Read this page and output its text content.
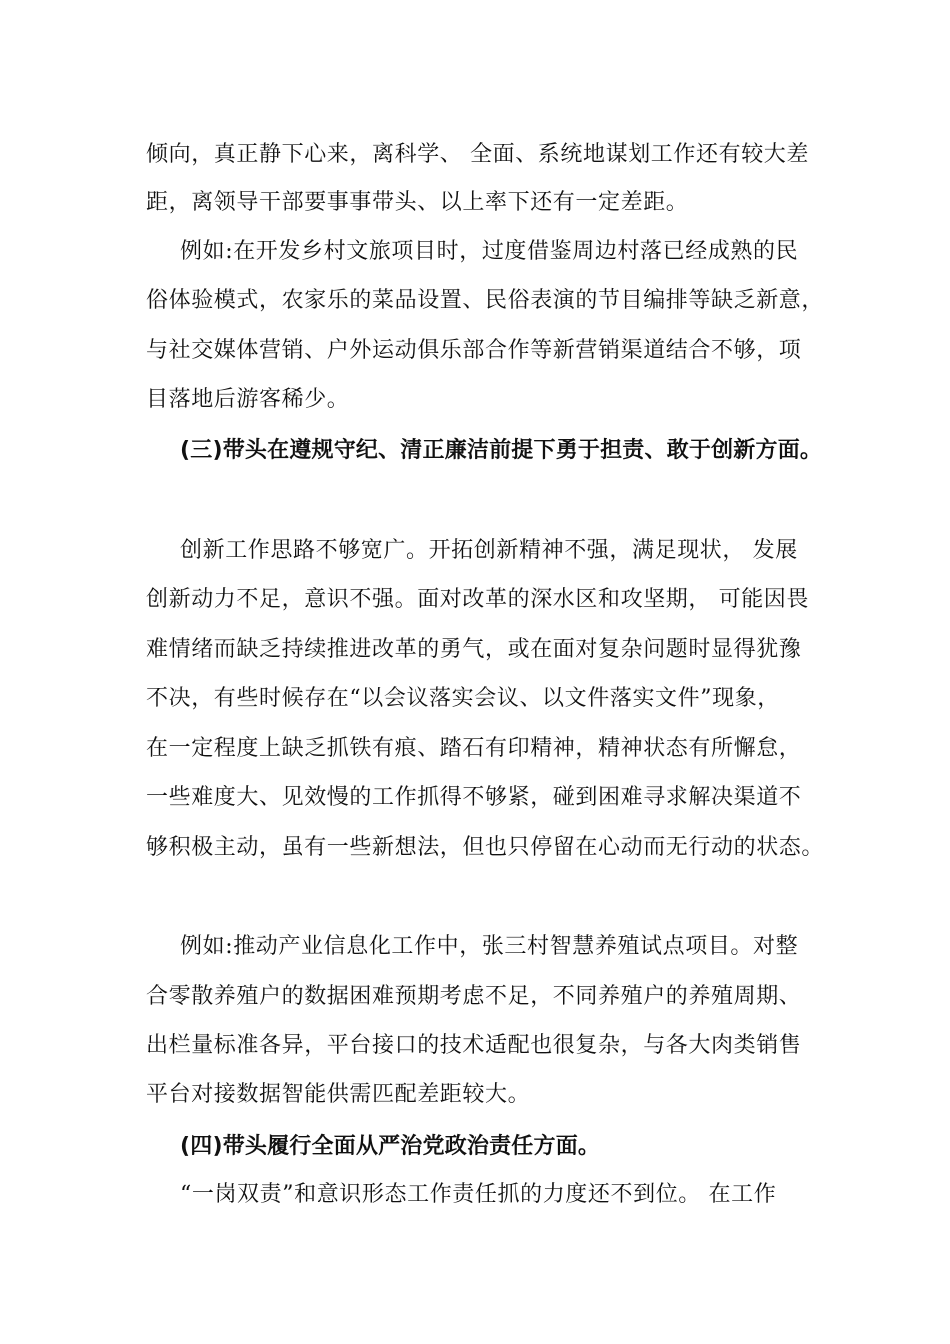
倾向，真正静下心来，离科学、 全面、系统地谋划工作还有较大差
距，离领导干部要事事带头、以上率下还有一定差距。
例如:在开发乡村文旅项目时，过度借鉴周边村落已经成熟的民
俗体验模式，农家乐的菜品设置、民俗表演的节目编排等缺乏新意，
与社交媒体营销、户外运动俱乐部合作等新营销渠道结合不够，项
目落地后游客稀少。
(三)带头在遵规守纪、清正廉洁前提下勇于担责、敢于创新方面。
创新工作思路不够宽广。开拓创新精神不强，满足现状， 发展
创新动力不足，意识不强。面对改革的深水区和攻坚期， 可能因畏
难情绪而缺乏持续推进改革的勇气，或在面对复杂问题时显得犹豫
不决，有些时候存在“以会议落实会议、以文件落实文件”现象，
在一定程度上缺乏抓铁有痕、踏石有印精神，精神状态有所懈怠，
一些难度大、见效慢的工作抓得不够紧，碰到困难寻求解决渠道不
够积极主动，虽有一些新想法，但也只停留在心动而无行动的状态。
例如:推动产业信息化工作中，张三村智慧养殖试点项目。对整
合零散养殖户的数据困难预期考虑不足，不同养殖户的养殖周期、
出栏量标准各异，平台接口的技术适配也很复杂，与各大肉类销售
平台对接数据智能供需匹配差距较大。
(四)带头履行全面从严治党政治责任方面。
“一岗双责”和意识形态工作责任抓的力度还不到位。 在工作
